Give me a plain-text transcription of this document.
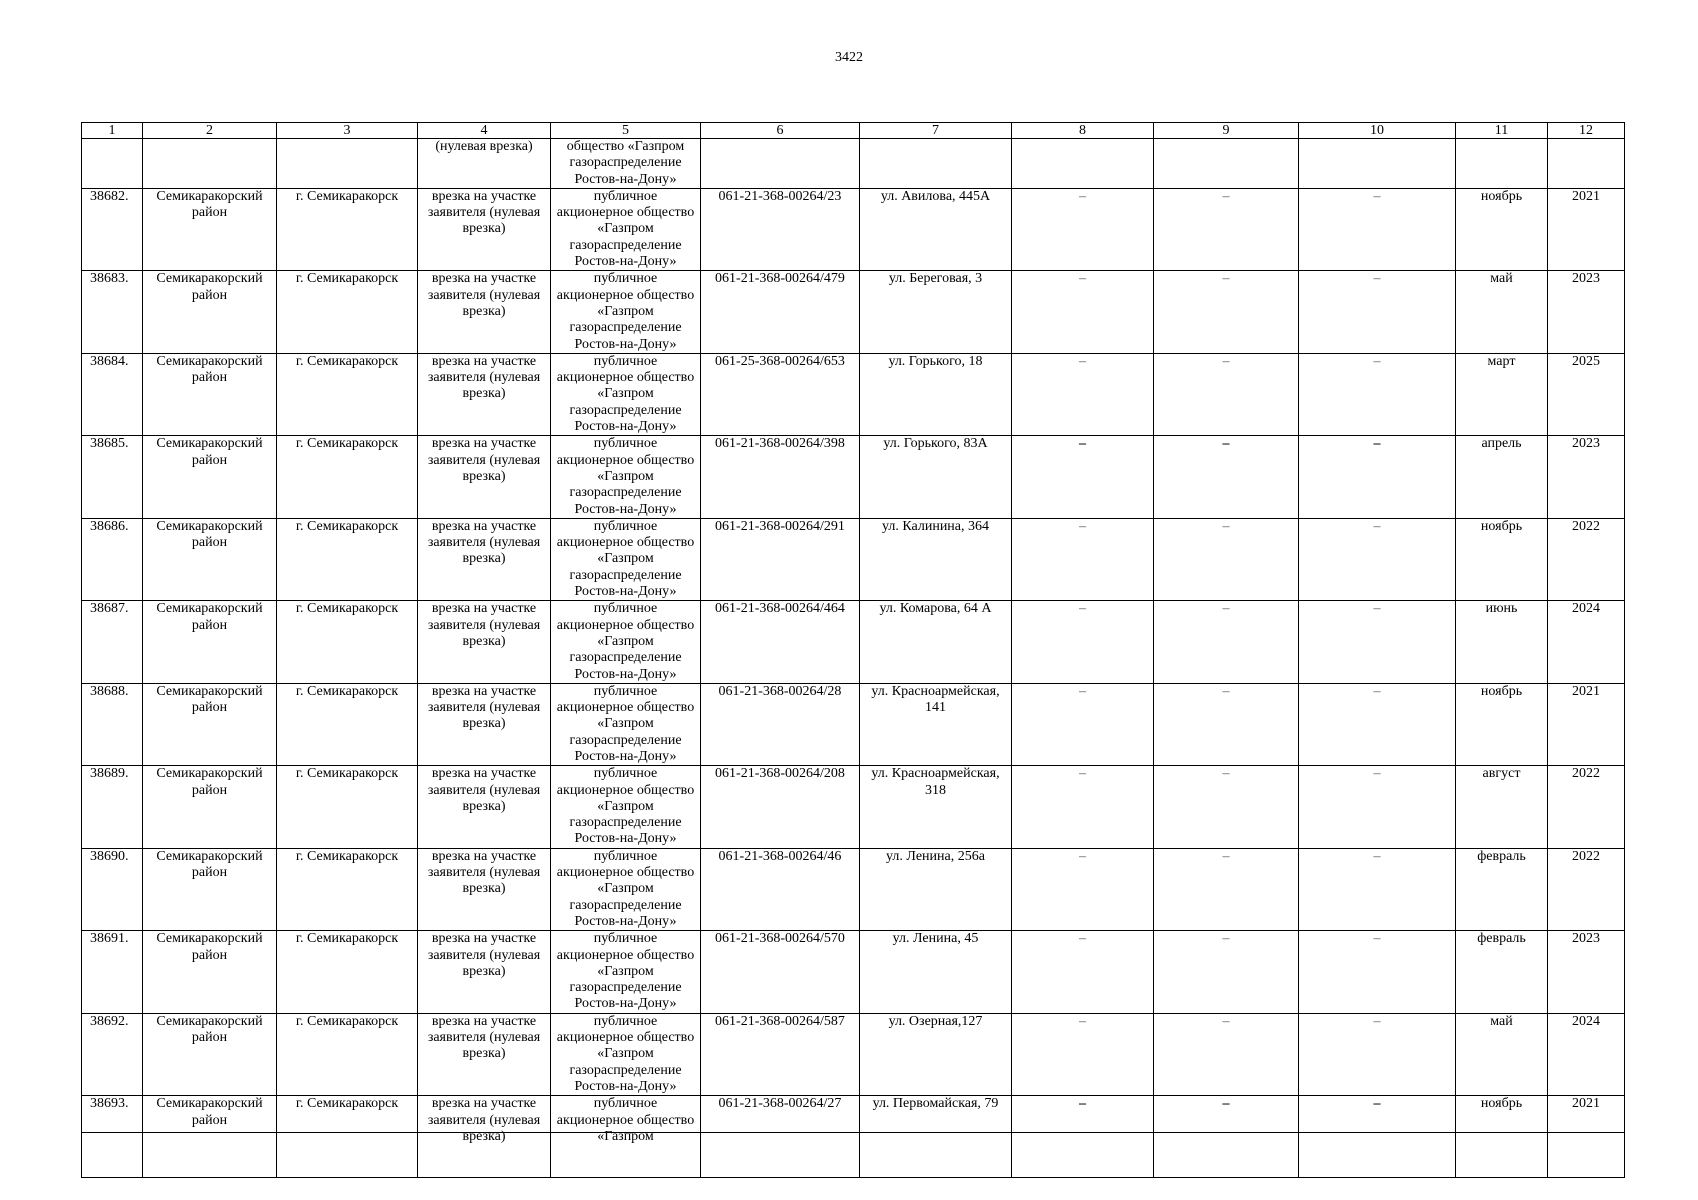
3422
1	2	3	4	5	6	7	8	9	10	11	12
			(нулевая врезка)	общество «Газпром газораспределение Ростов-на-Дону»							
38682.	Семикаракорский район	г. Семикаракорск	врезка на участке заявителя (нулевая врезка)	публичное акционерное общество «Газпром газораспределение Ростов-на-Дону»	061-21-368-00264/23	ул. Авилова, 445А	–	–	–	ноябрь	2021
38683.	Семикаракорский район	г. Семикаракорск	врезка на участке заявителя (нулевая врезка)	публичное акционерное общество «Газпром газораспределение Ростов-на-Дону»	061-21-368-00264/479	ул. Береговая, 3	–	–	–	май	2023
38684.	Семикаракорский район	г. Семикаракорск	врезка на участке заявителя (нулевая врезка)	публичное акционерное общество «Газпром газораспределение Ростов-на-Дону»	061-25-368-00264/653	ул. Горького, 18	–	–	–	март	2025
38685.	Семикаракорский район	г. Семикаракорск	врезка на участке заявителя (нулевая врезка)	публичное акционерное общество «Газпром газораспределение Ростов-на-Дону»	061-21-368-00264/398	ул. Горького, 83А	–	–	–	апрель	2023
38686.	Семикаракорский район	г. Семикаракорск	врезка на участке заявителя (нулевая врезка)	публичное акционерное общество «Газпром газораспределение Ростов-на-Дону»	061-21-368-00264/291	ул. Калинина, 364	–	–	–	ноябрь	2022
38687.	Семикаракорский район	г. Семикаракорск	врезка на участке заявителя (нулевая врезка)	публичное акционерное общество «Газпром газораспределение Ростов-на-Дону»	061-21-368-00264/464	ул. Комарова, 64 А	–	–	–	июнь	2024
38688.	Семикаракорский район	г. Семикаракорск	врезка на участке заявителя (нулевая врезка)	публичное акционерное общество «Газпром газораспределение Ростов-на-Дону»	061-21-368-00264/28	ул. Красноармейская, 141	–	–	–	ноябрь	2021
38689.	Семикаракорский район	г. Семикаракорск	врезка на участке заявителя (нулевая врезка)	публичное акционерное общество «Газпром газораспределение Ростов-на-Дону»	061-21-368-00264/208	ул. Красноармейская, 318	–	–	–	август	2022
38690.	Семикаракорский район	г. Семикаракорск	врезка на участке заявителя (нулевая врезка)	публичное акционерное общество «Газпром газораспределение Ростов-на-Дону»	061-21-368-00264/46	ул. Ленина, 256а	–	–	–	февраль	2022
38691.	Семикаракорский район	г. Семикаракорск	врезка на участке заявителя (нулевая врезка)	публичное акционерное общество «Газпром газораспределение Ростов-на-Дону»	061-21-368-00264/570	ул. Ленина, 45	–	–	–	февраль	2023
38692.	Семикаракорский район	г. Семикаракорск	врезка на участке заявителя (нулевая врезка)	публичное акционерное общество «Газпром газораспределение Ростов-на-Дону»	061-21-368-00264/587	ул. Озерная,127	–	–	–	май	2024
38693.	Семикаракорский район	г. Семикаракорск	врезка на участке заявителя (нулевая врезка)	публичное акционерное общество «Газпром	061-21-368-00264/27	ул. Первомайская, 79	–	–	–	ноябрь	2021
